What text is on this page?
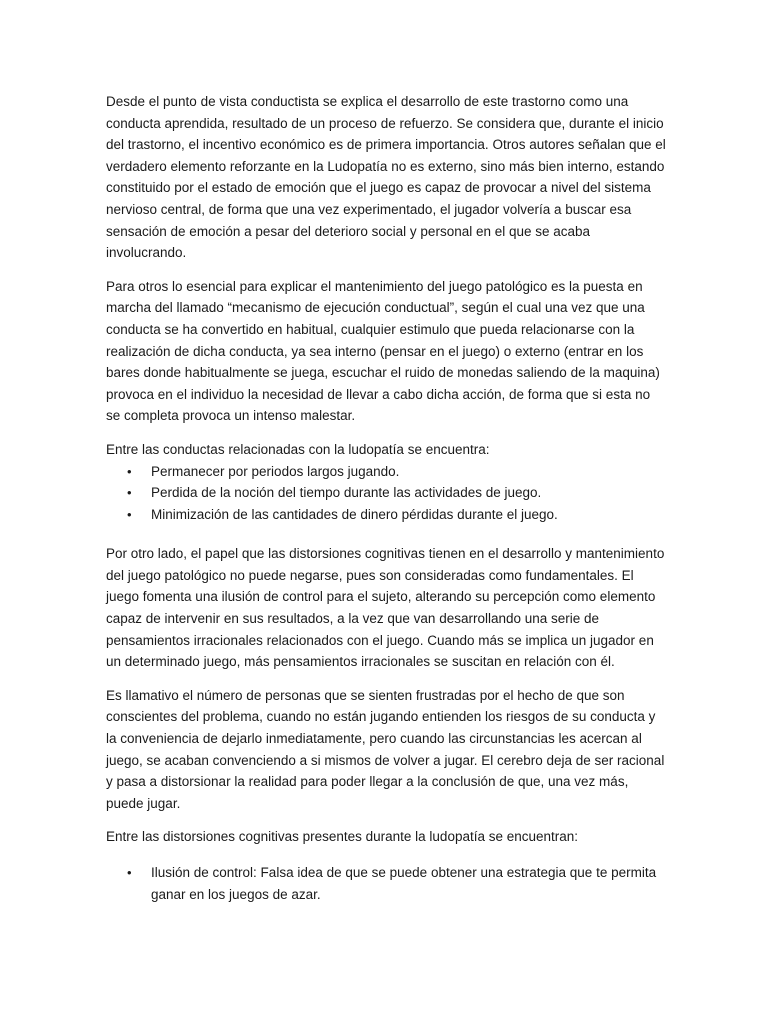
Desde el punto de vista conductista se explica el desarrollo de este trastorno como una conducta aprendida, resultado de un proceso de refuerzo. Se considera que, durante el inicio del trastorno, el incentivo económico es de primera importancia. Otros autores señalan que el verdadero elemento reforzante en la Ludopatía no es externo, sino más bien interno, estando constituido por el estado de emoción que el juego es capaz de provocar a nivel del sistema nervioso central, de forma que una vez experimentado, el jugador volvería a buscar esa sensación de emoción a pesar del deterioro social y personal en el que se acaba involucrando.

Para otros lo esencial para explicar el mantenimiento del juego patológico es la puesta en marcha del llamado “mecanismo de ejecución conductual”, según el cual una vez que una conducta se ha convertido en habitual, cualquier estimulo que pueda relacionarse con la realización de dicha conducta, ya sea interno (pensar en el juego) o externo (entrar en los bares donde habitualmente se juega, escuchar el ruido de monedas saliendo de la maquina) provoca en el individuo la necesidad de llevar a cabo dicha acción, de forma que si esta no se completa provoca un intenso malestar.

Entre las conductas relacionadas con la ludopatía se encuentra:

• Permanecer por periodos largos jugando.
• Perdida de la noción del tiempo durante las actividades de juego.
• Minimización de las cantidades de dinero pérdidas durante el juego.

Por otro lado, el papel que las distorsiones cognitivas tienen en el desarrollo y mantenimiento del juego patológico no puede negarse, pues son consideradas como fundamentales. El juego fomenta una ilusión de control para el sujeto, alterando su percepción como elemento capaz de intervenir en sus resultados, a la vez que van desarrollando una serie de pensamientos irracionales relacionados con el juego. Cuando más se implica un jugador en un determinado juego, más pensamientos irracionales se suscitan en relación con él.

Es llamativo el número de personas que se sienten frustradas por el hecho de que son conscientes del problema, cuando no están jugando entienden los riesgos de su conducta y la conveniencia de dejarlo inmediatamente, pero cuando las circunstancias les acercan al juego, se acaban convenciendo a si mismos de volver a jugar. El cerebro deja de ser racional y pasa a distorsionar la realidad para poder llegar a la conclusión de que, una vez más, puede jugar.

Entre las distorsiones cognitivas presentes durante la ludopatía se encuentran:

• Ilusión de control: Falsa idea de que se puede obtener una estrategia que te permita ganar en los juegos de azar.
